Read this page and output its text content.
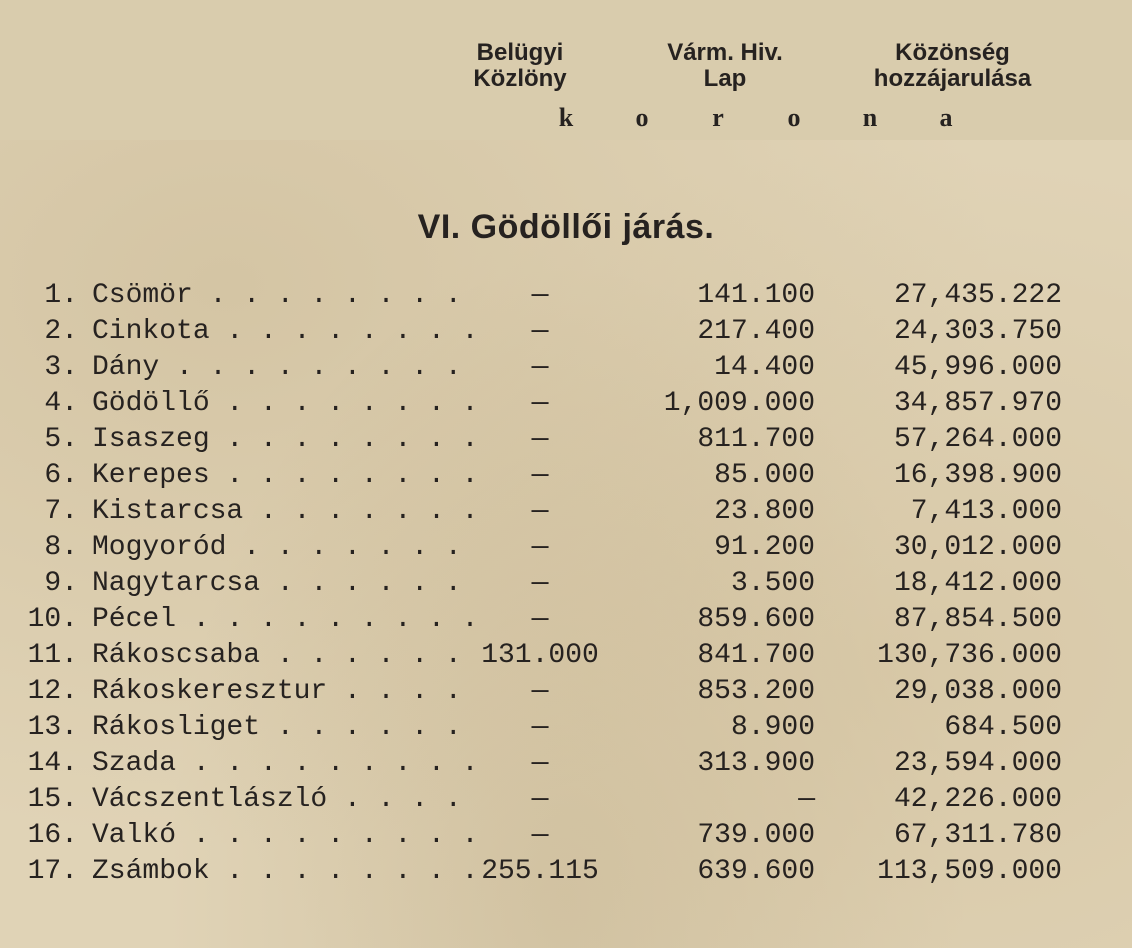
Belügyi
Közlöny
Várm. Hiv.
Lap
Közönség
hozzájarulása
k o r o n a
VI. Gödöllői járás.
1. Csömör . . .	—	141.100	27,435.222
2. Cinkota . . .	—	217.400	24,303.750
3. Dány . . .	—	14.400	45,996.000
4. Gödöllő . . .	—	1,009.000	34,857.970
5. Isaszeg . . .	—	811.700	57,264.000
6. Kerepes . . .	—	85.000	16,398.900
7. Kistarcsa . . .	—	23.800	7,413.000
8. Mogyoród . . .	—	91.200	30,012.000
9. Nagytarcsa . . .	—	3.500	18,412.000
10. Pécel . . .	—	859.600	87,854.500
11. Rákoscsaba . . .	131.000	841.700	130,736.000
12. Rákoskeresztur . . .	—	853.200	29,038.000
13. Rákosliget . . .	—	8.900	684.500
14. Szada . . .	—	313.900	23,594.000
15. Vácszentlászló . . .	—	—	42,226.000
16. Valkó . . .	—	739.000	67,311.780
17. Zsámbok . . .	255.115	639.600	113,509.000
